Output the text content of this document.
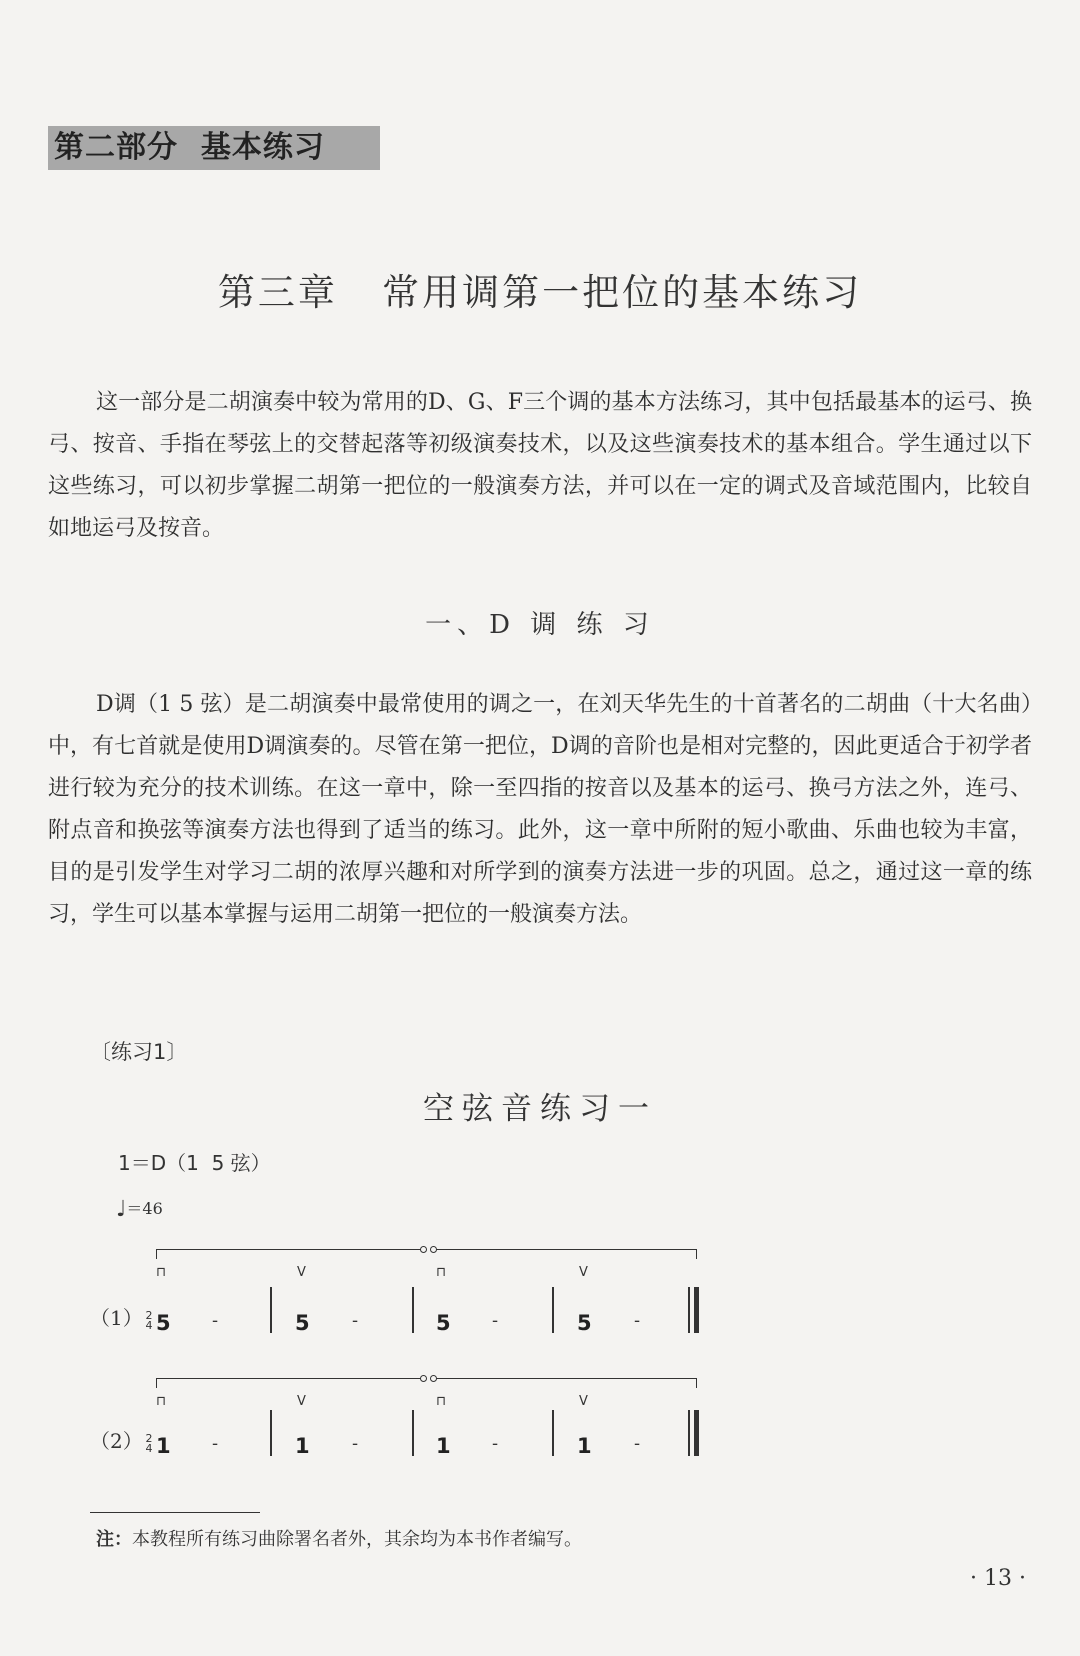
第二部分  基本练习
第三章   常用调第一把位的基本练习

这一部分是二胡演奏中较为常用的D、G、F三个调的基本方法练习，其中包括最基本的运弓、换弓、按音、手指在琴弦上的交替起落等初级演奏技术，以及这些演奏技术的基本组合。学生通过以下这些练习，可以初步掌握二胡第一把位的一般演奏方法，并可以在一定的调式及音域范围内，比较自如地运弓及按音。

一、D 调 练 习

D调（1 5 弦）是二胡演奏中最常使用的调之一，在刘天华先生的十首著名的二胡曲（十大名曲）中，有七首就是使用D调演奏的。尽管在第一把位，D调的音阶也是相对完整的，因此更适合于初学者进行较为充分的技术训练。在这一章中，除一至四指的按音以及基本的运弓、换弓方法之外，连弓、附点音和换弦等演奏方法也得到了适当的练习。此外，这一章中所附的短小歌曲、乐曲也较为丰富，目的是引发学生对学习二胡的浓厚兴趣和对所学到的演奏方法进一步的巩固。总之，通过这一章的练习，学生可以基本掌握与运用二胡第一把位的一般演奏方法。

〔练习1〕
空弦音练习一
1＝D（1  5 弦）
♩＝46
（1） 2
4
⊓
5 -
V
5 -
⊓
5 -
V
5 -
（2） 2
4
⊓
1 -
V
1 -
⊓
1 -
V
1 -
注：本教程所有练习曲除署名者外，其余均为本书作者编写。
· 13 ·
